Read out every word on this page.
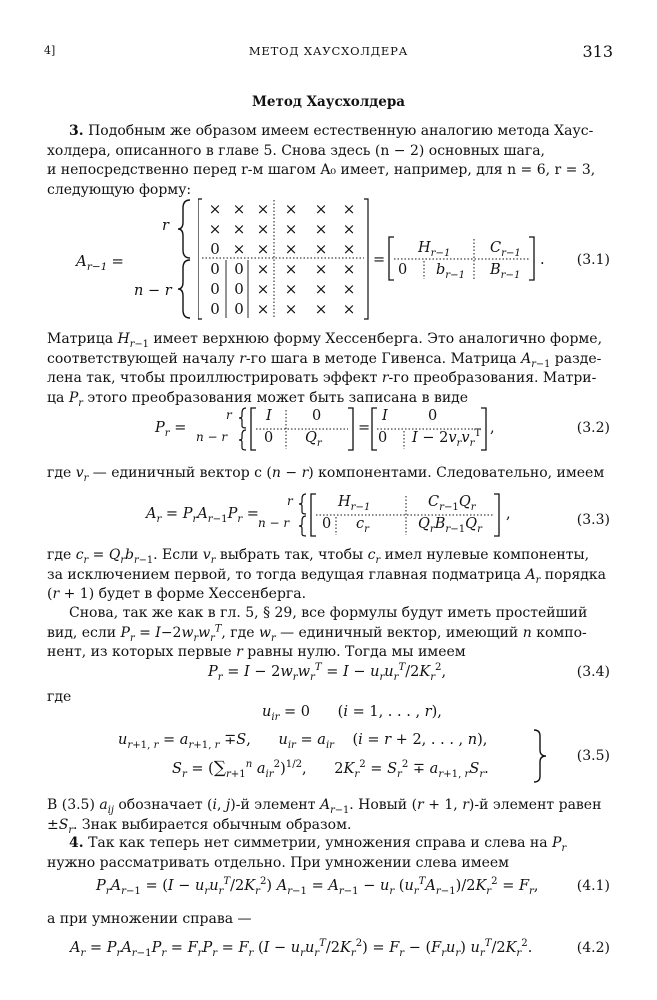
4]	МЕТОД ХАУСХОЛДЕРА	313
Метод Хаусхолдера
3. Подобным же образом имеем естественную аналогию метода Хаус-
холдера, описанного в главе 5. Снова здесь (n − 2) основных шага,
и непосредственно перед r-м шагом A₀ имеет, например, для n = 6, r = 3,
следующую форму:
$A_{r-1}$ =
r
n − r
× × ×	×	×	×
× × ×	×	×	×
0 × ×	×	×	×
0 0 ×	×	×	×
0 0 ×	×	×	×
0 0 ×	×	×	×
=
$H_{r-1}$	$C_{r-1}$
0 $b_{r-1}$ $B_{r-1}$
. (3.1)
Матрица $H_{r-1}$ имеет верхнюю форму Хессенберга. Это аналогично форме,
соответствующей началу r-го шага в методе Гивенса. Матрица $A_{r-1}$ разде-
лена так, чтобы проиллюстрировать эффект r-го преобразования. Матри-
ца $P_r$ этого преобразования может быть записана в виде
$P_r$ =
r
n − r
I	0
0 $Q_r$
=
I	0
0 $I - 2v_rv_r^T$ ,	(3.2)
где $v_r$ — единичный вектор с (n − r) компонентами. Следовательно, имеем
$A_r = P_rA_{r-1}P_r$ =
r
n − r
$H_{r-1}$	$C_{r-1}Q_r$
0 $c_r$	$Q_rB_{r-1}Q_r$
,	(3.3)
где $c_r = Q_rb_{r-1}$. Если $v_r$ выбрать так, чтобы $c_r$ имел нулевые компоненты,
за исключением первой, то тогда ведущая главная подматрица $A_r$ порядка
(r + 1) будет в форме Хессенберга.
Снова, так же как в гл. 5, § 29, все формулы будут иметь простейший
вид, если $P_r = I-2w_rw_r^T$, где $w_r$ — единичный вектор, имеющий n компо-
нент, из которых первые r равны нулю. Тогда мы имеем
$P_r = I - 2w_rw_r^T = I - u_ru_r^T/2K_r^2$,	(3.4)
где
$u_{ir} = 0$      (i = 1, . . . , r),
$u_{r+1, r} = a_{r+1, r} \mp S$,      $u_{ir} = a_{ir}$    (i = r + 2, . . . , n),
$S_r = (\sum_{r+1}^n$ $a_{ir}^2)^{1/2}$,      $2K_r^2 = S_r^2 \mp a_{r+1, r}S_r$.
(3.5)
В (3.5) $a_{ij}$ обозначает (i, j)-й элемент $A_{r-1}$. Новый (r + 1, r)-й элемент равен
$\pm S_r$. Знак выбирается обычным образом.
4. Так как теперь нет симметрии, умножения справа и слева на $P_r$
нужно рассматривать отдельно. При умножении слева имеем
$P_rA_{r-1} = (I - u_ru_r^T/2K_r^2) A_{r-1} = A_{r-1} - u_r$ $(u_r^TA_{r-1})/2K_r^2 = F_r$,	(4.1)
а при умножении справа —
$A_r = P_rA_{r-1}P_r = F_rP_r = F_r$ $(I - u_ru_r^T/2K_r^2) = F_r - (F_ru_r)$ $u_r^T/2K_r^2$.	(4.2)
